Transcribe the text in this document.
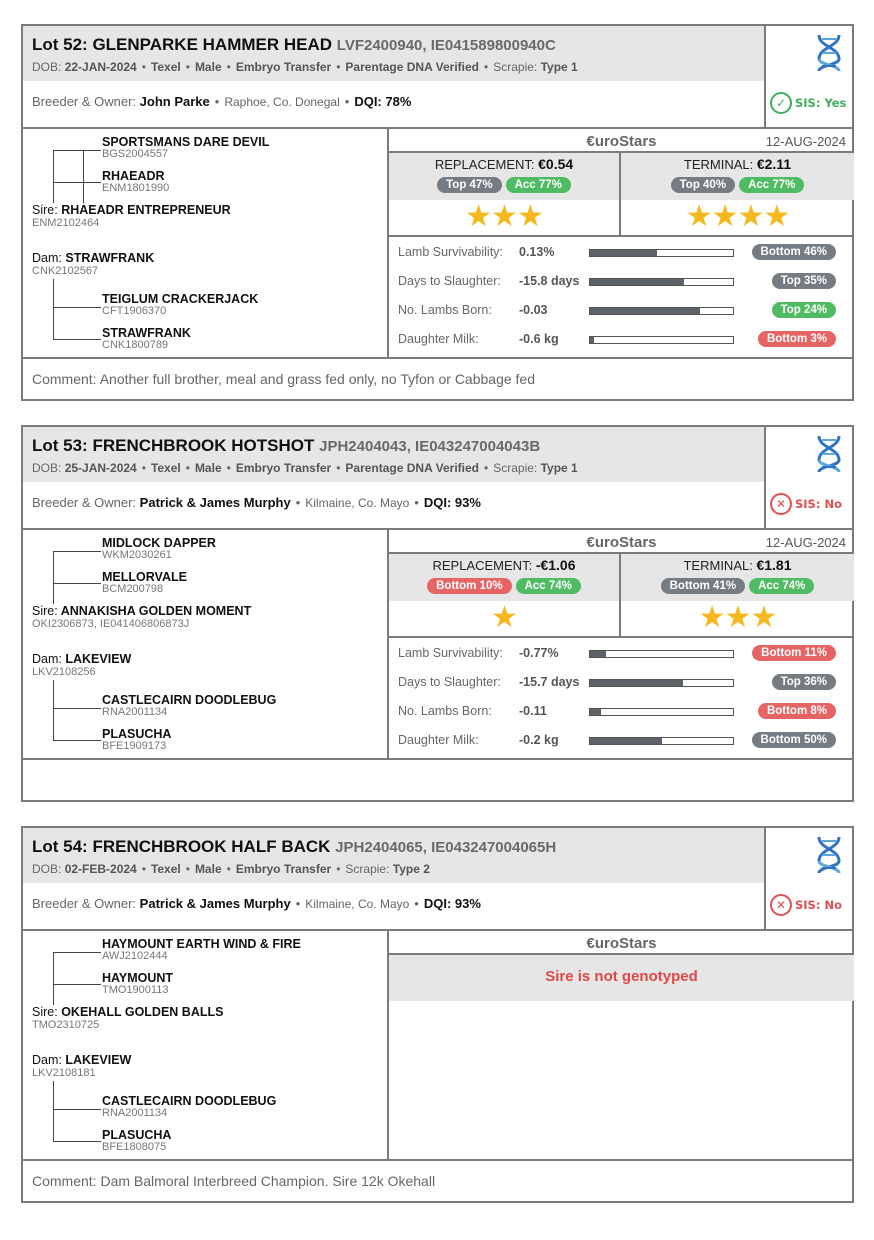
Lot 52: GLENPARKE HAMMER HEAD LVF2400940, IE041589800940C
DOB: 22-JAN-2024 • Texel • Male • Embryo Transfer • Parentage DNA Verified • Scrapie: Type 1
Breeder & Owner: John Parke • Raphoe, Co. Donegal • DQI: 78%	✓ SIS: Yes
SPORTSMANS DARE DEVIL
BGS2004557
RHAEADR
ENM1801990
Sire: RHAEADR ENTREPRENEUR
ENM2102464
Dam: STRAWFRANK
CNK2102567
TEIGLUM CRACKERJACK
CFT1906370
STRAWFRANK
CNK1800789
€uroStars	12-AUG-2024
REPLACEMENT: €0.54
Top 47% Acc 77%
TERMINAL: €2.11
Top 40% Acc 77%
★★★	★★★★
Lamb Survivability: 0.13%	Bottom 46%
Days to Slaughter: -15.8 days	Top 35%
No. Lambs Born: -0.03	Top 24%
Daughter Milk:	-0.6 kg	Bottom 3%
Comment: Another full brother, meal and grass fed only, no Tyfon or Cabbage fed
Lot 53: FRENCHBROOK HOTSHOT JPH2404043, IE043247004043B
DOB: 25-JAN-2024 • Texel • Male • Embryo Transfer • Parentage DNA Verified • Scrapie: Type 1
Breeder & Owner: Patrick & James Murphy • Kilmaine, Co. Mayo • DQI: 93%	✕ SIS: No
MIDLOCK DAPPER
WKM2030261
MELLORVALE
BCM200798
Sire: ANNAKISHA GOLDEN MOMENT
OKI2306873, IE041406806873J
Dam: LAKEVIEW
LKV2108256
CASTLECAIRN DOODLEBUG
RNA2001134
PLASUCHA
BFE1909173
€uroStars	12-AUG-2024
REPLACEMENT: -€1.06
Bottom 10% Acc 74%
TERMINAL: €1.81
Bottom 41% Acc 74%
★	★★★
Lamb Survivability: -0.77%	Bottom 11%
Days to Slaughter: -15.7 days	Top 36%
No. Lambs Born: -0.11	Bottom 8%
Daughter Milk:	-0.2 kg	Bottom 50%
Lot 54: FRENCHBROOK HALF BACK JPH2404065, IE043247004065H
DOB: 02-FEB-2024 • Texel • Male • Embryo Transfer • Scrapie: Type 2
Breeder & Owner: Patrick & James Murphy • Kilmaine, Co. Mayo • DQI: 93%	✕ SIS: No
HAYMOUNT EARTH WIND & FIRE
AWJ2102444
HAYMOUNT
TMO1900113
Sire: OKEHALL GOLDEN BALLS
TMO2310725
Dam: LAKEVIEW
LKV2108181
CASTLECAIRN DOODLEBUG
RNA2001134
PLASUCHA
BFE1808075
€uroStars
Sire is not genotyped
Comment: Dam Balmoral Interbreed Champion. Sire 12k Okehall
